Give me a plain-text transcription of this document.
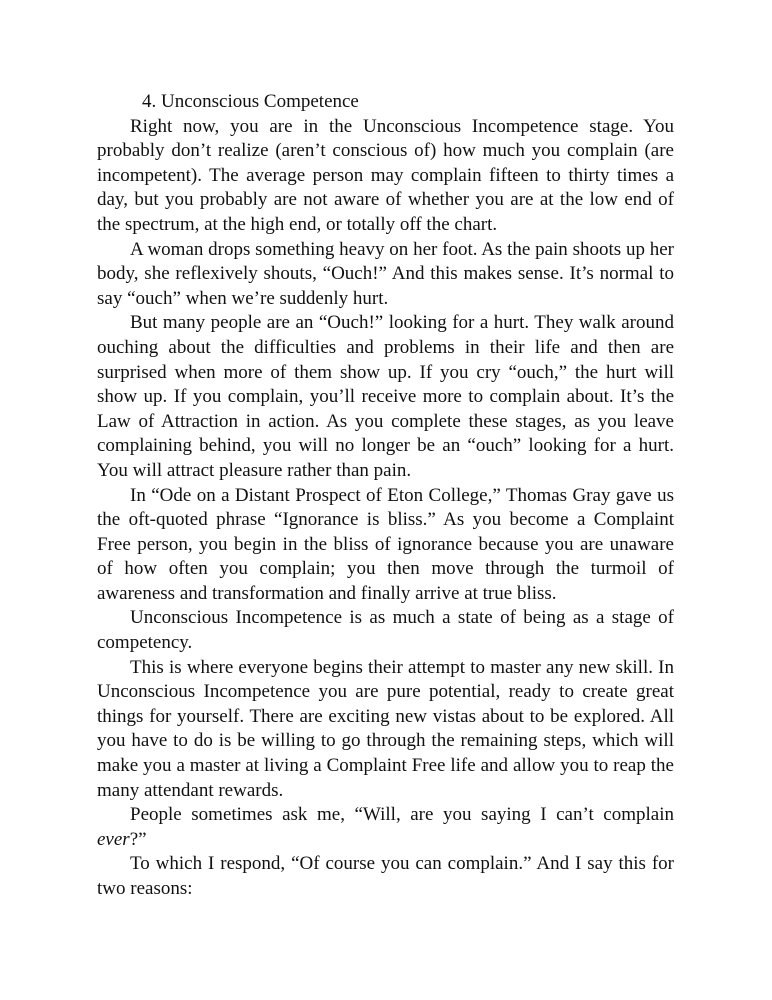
4. Unconscious Competence

Right now, you are in the Unconscious Incompetence stage. You probably don’t realize (aren’t conscious of) how much you complain (are incompetent). The average person may complain fifteen to thirty times a day, but you probably are not aware of whether you are at the low end of the spectrum, at the high end, or totally off the chart.

A woman drops something heavy on her foot. As the pain shoots up her body, she reflexively shouts, “Ouch!” And this makes sense. It’s normal to say “ouch” when we’re suddenly hurt.

But many people are an “Ouch!” looking for a hurt. They walk around ouching about the difficulties and problems in their life and then are surprised when more of them show up. If you cry “ouch,” the hurt will show up. If you complain, you’ll receive more to complain about. It’s the Law of Attraction in action. As you complete these stages, as you leave complaining behind, you will no longer be an “ouch” looking for a hurt. You will attract pleasure rather than pain.

In “Ode on a Distant Prospect of Eton College,” Thomas Gray gave us the oft-quoted phrase “Ignorance is bliss.” As you become a Complaint Free person, you begin in the bliss of ignorance because you are unaware of how often you complain; you then move through the turmoil of awareness and transformation and finally arrive at true bliss.

Unconscious Incompetence is as much a state of being as a stage of competency.

This is where everyone begins their attempt to master any new skill. In Unconscious Incompetence you are pure potential, ready to create great things for yourself. There are exciting new vistas about to be explored. All you have to do is be willing to go through the remaining steps, which will make you a master at living a Complaint Free life and allow you to reap the many attendant rewards.

People sometimes ask me, “Will, are you saying I can’t complain ever?”

To which I respond, “Of course you can complain.” And I say this for two reasons:
